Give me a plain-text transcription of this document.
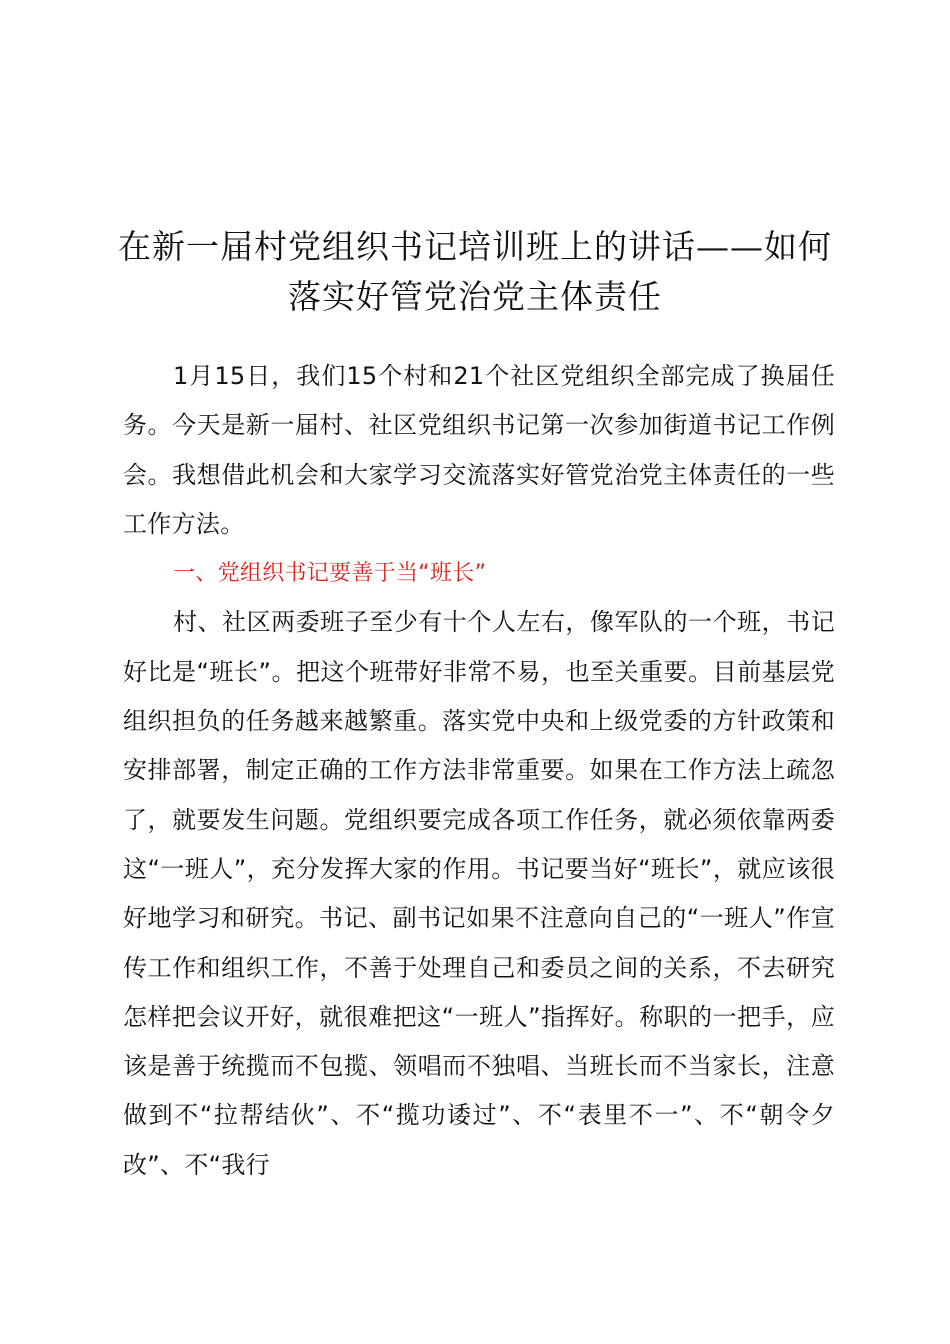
在新一届村党组织书记培训班上的讲话——如何落实好管党治党主体责任

1月15日，我们15个村和21个社区党组织全部完成了换届任务。今天是新一届村、社区党组织书记第一次参加街道书记工作例会。我想借此机会和大家学习交流落实好管党治党主体责任的一些工作方法。

一、党组织书记要善于当“班长”

村、社区两委班子至少有十个人左右，像军队的一个班，书记好比是“班长”。把这个班带好非常不易，也至关重要。目前基层党组织担负的任务越来越繁重。落实党中央和上级党委的方针政策和安排部署，制定正确的工作方法非常重要。如果在工作方法上疏忽了，就要发生问题。党组织要完成各项工作任务，就必须依靠两委这“一班人”，充分发挥大家的作用。书记要当好“班长”，就应该很好地学习和研究。书记、副书记如果不注意向自己的“一班人”作宣传工作和组织工作，不善于处理自己和委员之间的关系，不去研究怎样把会议开好，就很难把这“一班人”指挥好。称职的一把手，应该是善于统揽而不包揽、领唱而不独唱、当班长而不当家长，注意做到不“拉帮结伙”、不“揽功诿过”、不“表里不一”、不“朝令夕改”、不“我行
